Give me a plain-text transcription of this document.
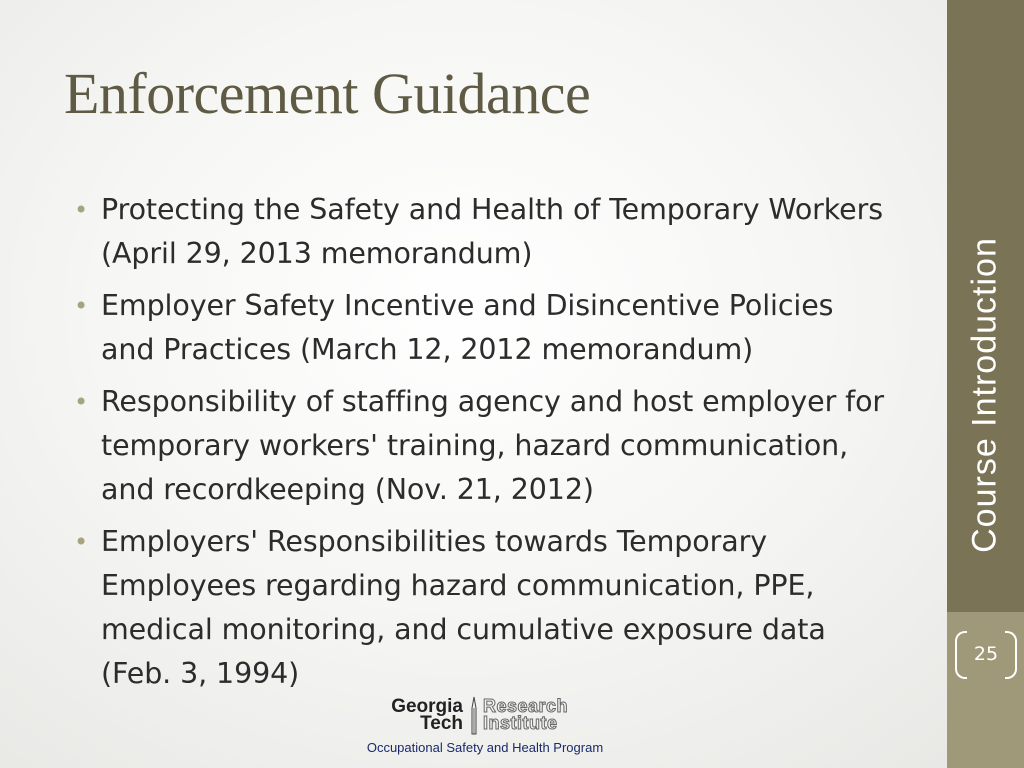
Enforcement Guidance
• Protecting the Safety and Health of Temporary Workers (April 29, 2013 memorandum)
• Employer Safety Incentive and Disincentive Policies and Practices (March 12, 2012 memorandum)
• Responsibility of staffing agency and host employer for temporary workers' training, hazard communication, and recordkeeping (Nov. 21, 2012)
• Employers' Responsibilities towards Temporary Employees regarding hazard communication, PPE, medical monitoring, and cumulative exposure data (Feb. 3, 1994)
Course Introduction
25
Georgia
Tech
Research
Institute
Occupational Safety and Health Program
